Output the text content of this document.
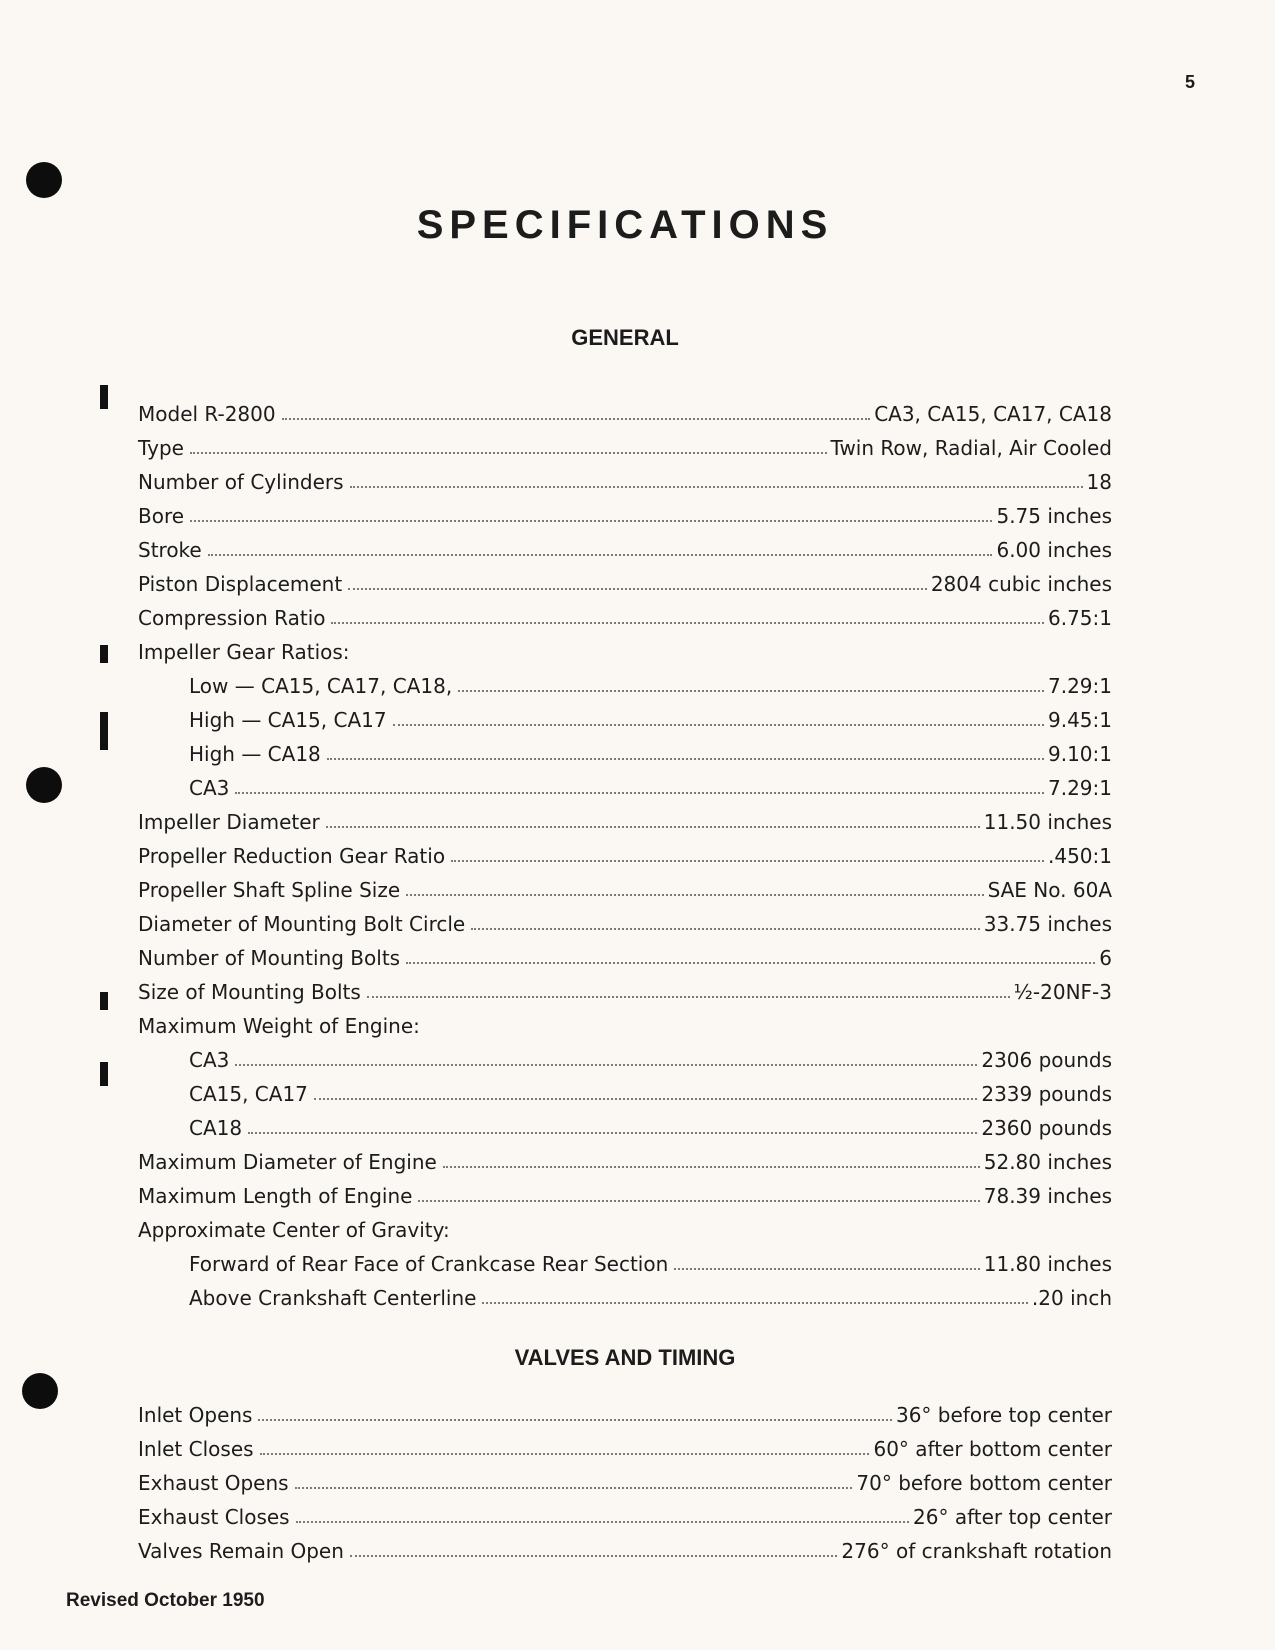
5
SPECIFICATIONS
GENERAL
Model R-2800	CA3, CA15, CA17, CA18
Type	Twin Row, Radial, Air Cooled
Number of Cylinders	18
Bore	5.75 inches
Stroke	6.00 inches
Piston Displacement	2804 cubic inches
Compression Ratio	6.75:1
Impeller Gear Ratios:
Low — CA15, CA17, CA18,	7.29:1
High — CA15, CA17	9.45:1
High — CA18	9.10:1
CA3	7.29:1
Impeller Diameter	11.50 inches
Propeller Reduction Gear Ratio	.450:1
Propeller Shaft Spline Size	SAE No. 60A
Diameter of Mounting Bolt Circle	33.75 inches
Number of Mounting Bolts	6
Size of Mounting Bolts	½-20NF-3
Maximum Weight of Engine:
CA3	2306 pounds
CA15, CA17	2339 pounds
CA18	2360 pounds
Maximum Diameter of Engine	52.80 inches
Maximum Length of Engine	78.39 inches
Approximate Center of Gravity:
Forward of Rear Face of Crankcase Rear Section	11.80 inches
Above Crankshaft Centerline	.20 inch
VALVES AND TIMING
Inlet Opens	36° before top center
Inlet Closes	60° after bottom center
Exhaust Opens	70° before bottom center
Exhaust Closes	26° after top center
Valves Remain Open	276° of crankshaft rotation
Revised October 1950
